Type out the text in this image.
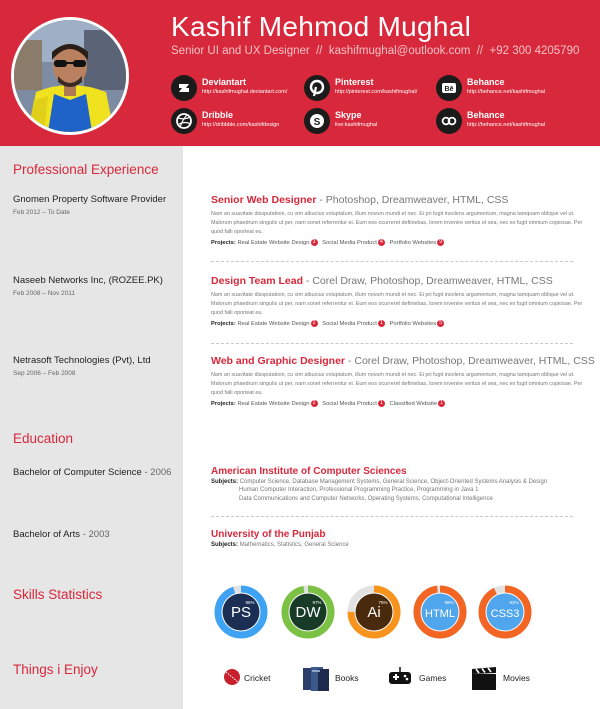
Kashif Mehmod Mughal
Senior UI and UX Designer // kashifmughal@outlook.com // +92 300 4205790
Deviantart
http://kashifmughal.deviantart.com/
Pinterest
http://pinterest.com/kashifmughal/	Bē
Behance
http://behance.net/kashifmughal
Dribble
http://dribbble.com/kashifdesign	S
Skype
live:kashifmughal
Behance
http://behance.net/kashifmughal
Professional Experience
Gnomen Property Software Provider
Feb 2012 – To Date
Senior Web Designer - Photoshop, Dreamweaver, HTML, CSS
Nam an suavitate dissputationi, cu vim albucius voluptatum, illum novum mundi et nec. Ei pri fugit insolens argumentum, magna tamquam oblique vel ut. Malorum phaedrum singulis ut per, nam sonet referrentur ei. Eum eos ocurreret definiebas, lorem invenire veritus et sea, nec ex fugit omnium copiosae. Per quod falli oporteat eu.
Projects: Real Estate Website Design 3 Social Media Product 4 Portfolio Websites 9
Naseeb Networks Inc, (ROZEE.PK)
Feb 2008 – Nov 2011
Design Team Lead - Corel Draw, Photoshop, Dreamweaver, HTML, CSS
Nam an suavitate dissputationi, cu vim albucius voluptatum, illum novum mundi et nec. Ei pri fugit insolens argumentum, magna tamquam oblique vel ut. Malorum phaedrum singulis ut per, nam sonet referrentur ei. Eum eos ocurreret definiebas, lorem invenire veritus et sea, nec ex fugit omnium copiosae. Per quod falli oporteat eu.
Projects: Real Estate Website Design 2 Social Media Product 1 Portfolio Websites 5
Netrasoft Technologies (Pvt), Ltd
Sep 2006 – Feb 2008
Web and Graphic Designer - Corel Draw, Photoshop, Dreamweaver, HTML, CSS
Nam an suavitate dissputationi, cu vim albucius voluptatum, illum novum mundi et nec. Ei pri fugit insolens argumentum, magna tamquam oblique vel ut. Malorum phaedrum singulis ut per, nam sonet referrentur ei. Eum eos ocurreret definiebas, lorem invenire veritus et sea, nec ex fugit omnium copiosae. Per quod falli oporteat eu.
Projects: Real Estate Website Design 2 Social Media Product 1 Classified Website 1
Education
Bachelor of Computer Science - 2006	American Institute of Computer Sciences
Subjects: Computer Science, Database Management Systems, General Science, Object-Oriented Systems Analysis & Design
Human Computer Interaction, Professional Programming Practice, Programming in Java 1
Data Communications and Computer Networks, Operating Systems, Computational Intelligence
Bachelor of Arts - 2003	University of the Punjab
Subjects: Mathematics, Statistics, General Science
Skills Statistics
PS
95%
DW
97%
Ai
75%
HTML
98%
CSS3
93%
Things i Enjoy
Cricket	Books	Games	Movies
